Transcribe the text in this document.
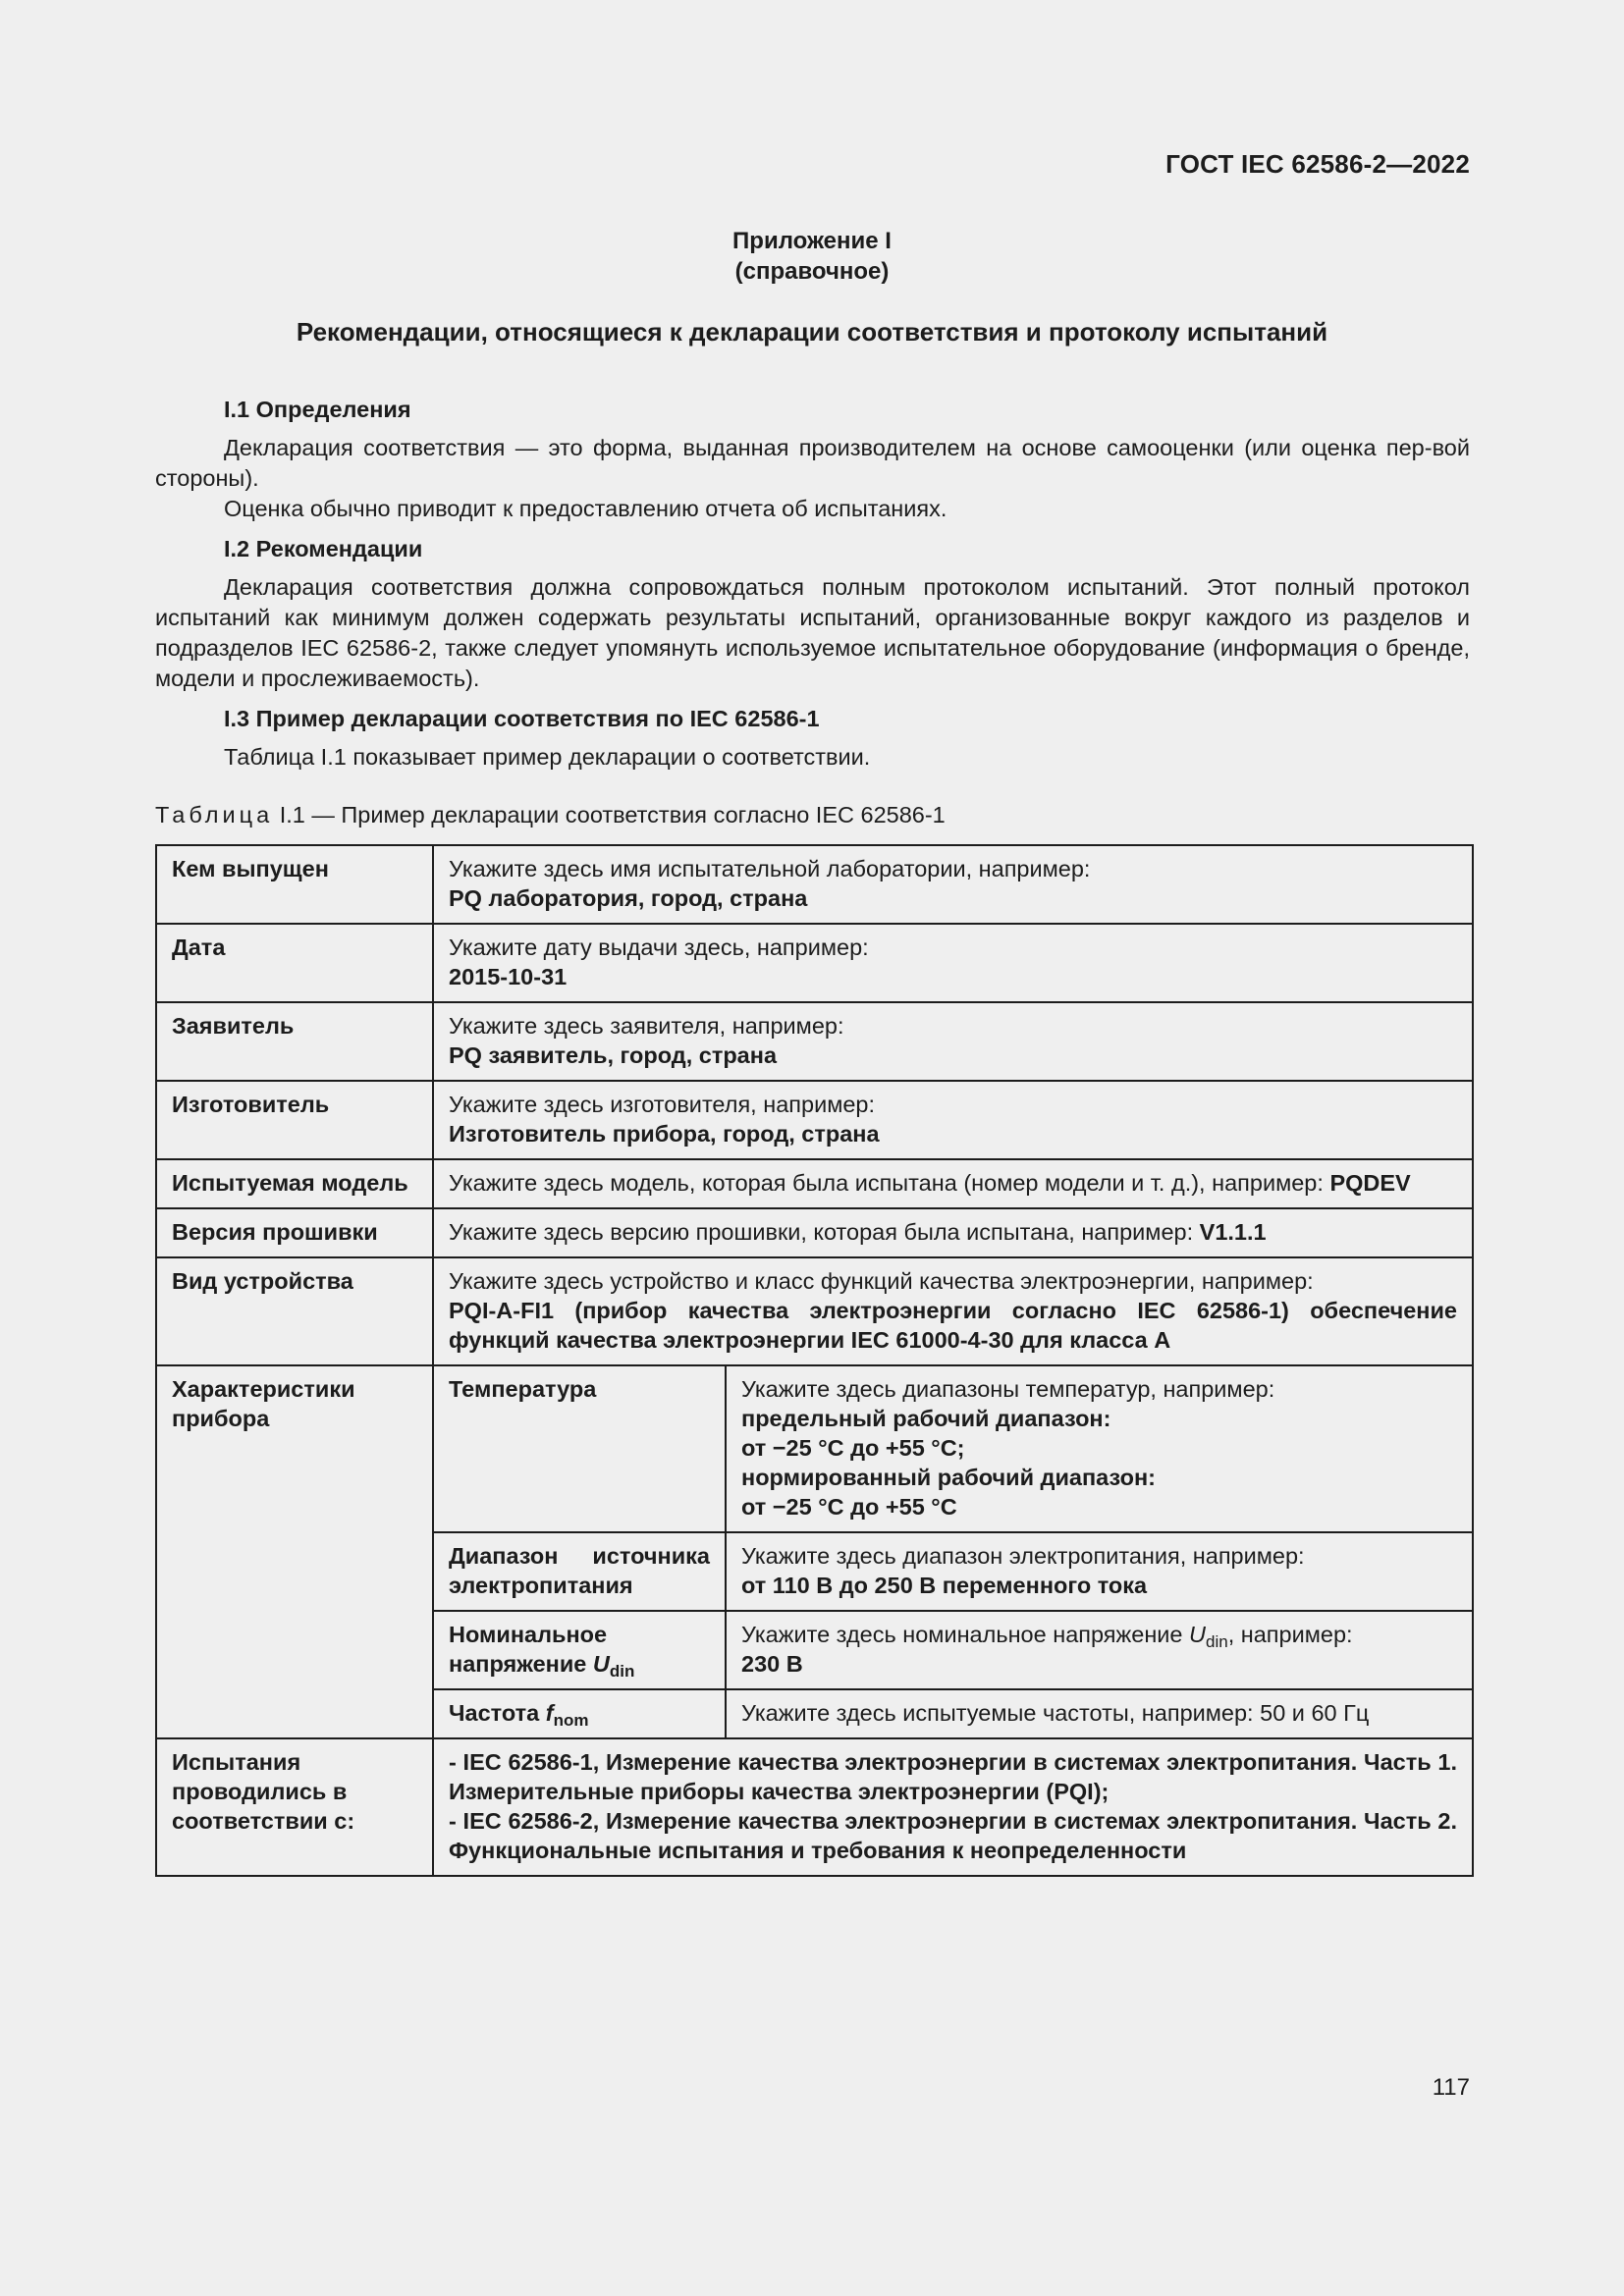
ГОСТ IEC 62586-2—2022
Приложение I
(справочное)
Рекомендации, относящиеся к декларации соответствия и протоколу испытаний
I.1 Определения

Декларация соответствия — это форма, выданная производителем на основе самооценки (или оценка пер-вой стороны).

Оценка обычно приводит к предоставлению отчета об испытаниях.

I.2 Рекомендации

Декларация соответствия должна сопровождаться полным протоколом испытаний. Этот полный протокол испытаний как минимум должен содержать результаты испытаний, организованные вокруг каждого из разделов и подразделов IEC 62586-2, также следует упомянуть используемое испытательное оборудование (информация о бренде, модели и прослеживаемость).

I.3 Пример декларации соответствия по IEC 62586-1

Таблица I.1 показывает пример декларации о соответствии.

Таблица I.1 — Пример декларации соответствия согласно IEC 62586-1
Кем выпущен	Укажите здесь имя испытательной лаборатории, например:
PQ лаборатория, город, страна	

Дата	Укажите дату выдачи здесь, например:
2015-10-31	

Заявитель	Укажите здесь заявителя, например:
PQ заявитель, город, страна	

Изготовитель	Укажите здесь изготовителя, например:
Изготовитель прибора, город, страна	

Испытуемая модель	Укажите здесь модель, которая была испытана (номер модели и т. д.), например: PQDEV	
Версия прошивки	Укажите здесь версию прошивки, которая была испытана, например: V1.1.1	
Вид устройства	Укажите здесь устройство и класс функций качества электроэнергии, например:
PQI-A-FI1 (прибор качества электроэнергии согласно IEC 62586-1) обеспечение функций качества электроэнергии IEC 61000-4-30 для класса A	

Характеристики прибора	Температура	Укажите здесь диапазоны температур, например:
предельный рабочий диапазон:
от −25 °C до +55 °C;
нормированный рабочий диапазон:
от −25 °C до +55 °C

	Диапазон источника электропитания	Укажите здесь диапазон электропитания, например:
от 110 В до 250 В переменного тока

	Номинальное напряжение $U_{din}$	Укажите здесь номинальное напряжение $U_{din}$, например:
230 В

	Частота $f_{nom}$	Укажите здесь испытуемые частоты, например: 50 и 60 Гц

Испытания проводились в соответствии с:	- IEC 62586-1, Измерение качества электроэнергии в системах электропитания. Часть 1. Измерительные приборы качества электроэнергии (PQI);
- IEC 62586-2, Измерение качества электроэнергии в системах электропитания. Часть 2. Функциональные испытания и требования к неопределенности	
117
